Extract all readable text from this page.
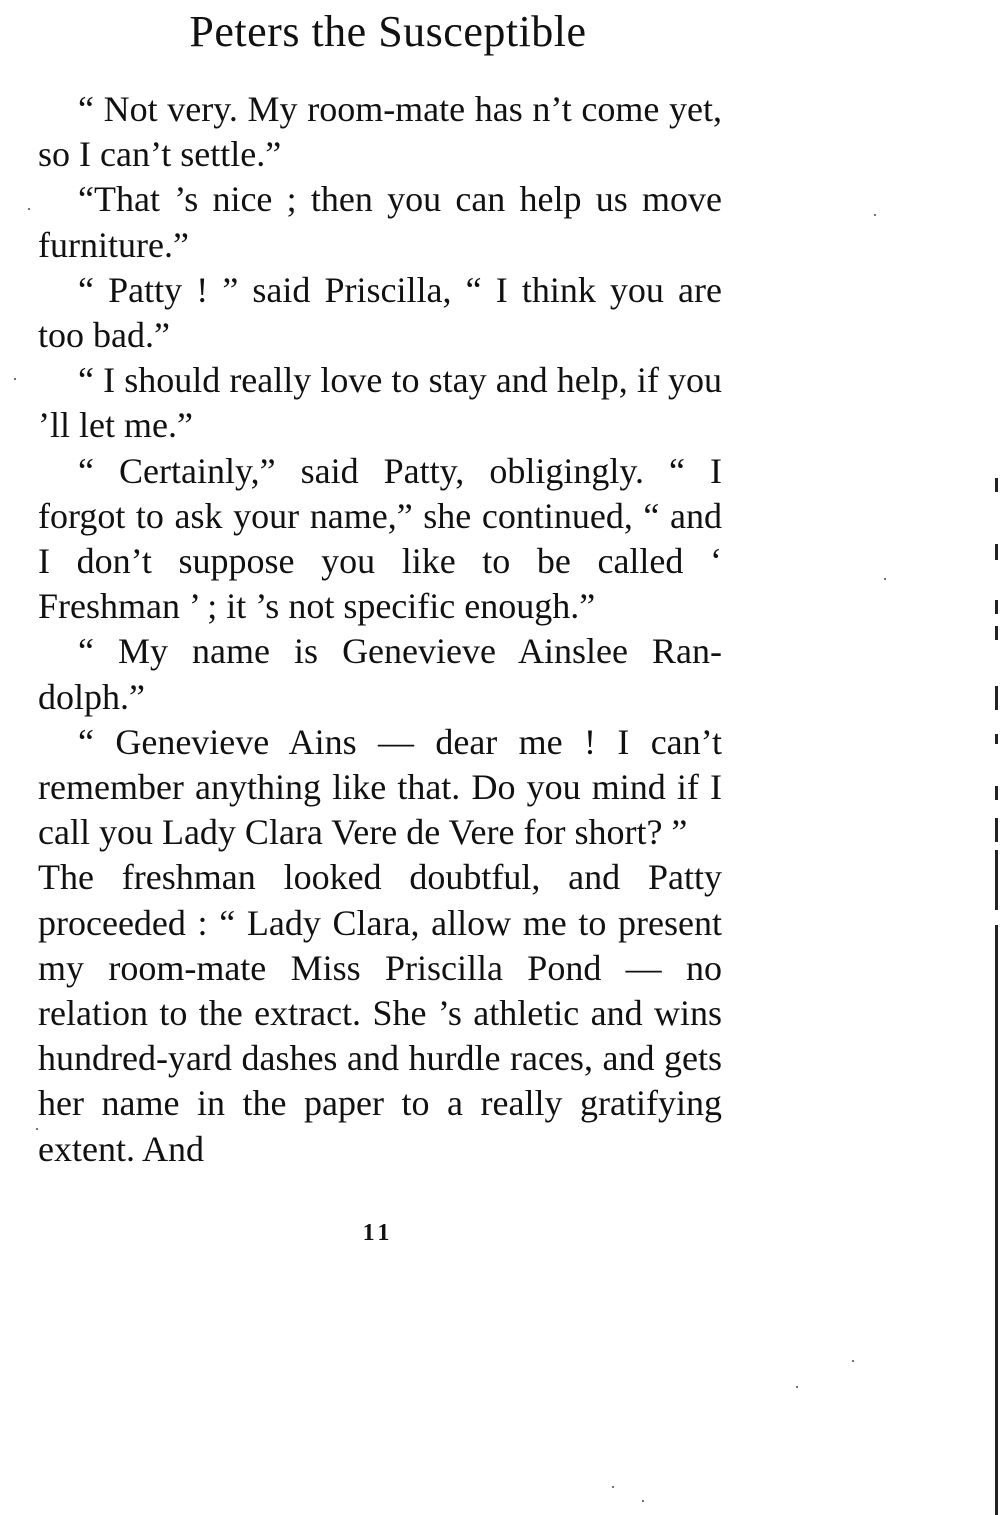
Peters the Susceptible

“ Not very. My room-mate has n’t come yet, so I can’t settle.”

“That ’s nice ; then you can help us move furniture.”

“ Patty ! ” said Priscilla, “ I think you are too bad.”

“ I should really love to stay and help, if you ’ll let me.”

“ Certainly,” said Patty, obligingly. “ I forgot to ask your name,” she continued, “ and I don’t suppose you like to be called ‘ Freshman ’ ; it ’s not specific enough.”

“ My name is Genevieve Ainslee Ran-dolph.”

“ Genevieve Ains — dear me ! I can’t remember anything like that. Do you mind if I call you Lady Clara Vere de Vere for short? ”

The freshman looked doubtful, and Patty proceeded : “ Lady Clara, allow me to present my room-mate Miss Priscilla Pond — no relation to the extract. She ’s athletic and wins hundred-yard dashes and hurdle races, and gets her name in the paper to a really gratifying extent. And

11
